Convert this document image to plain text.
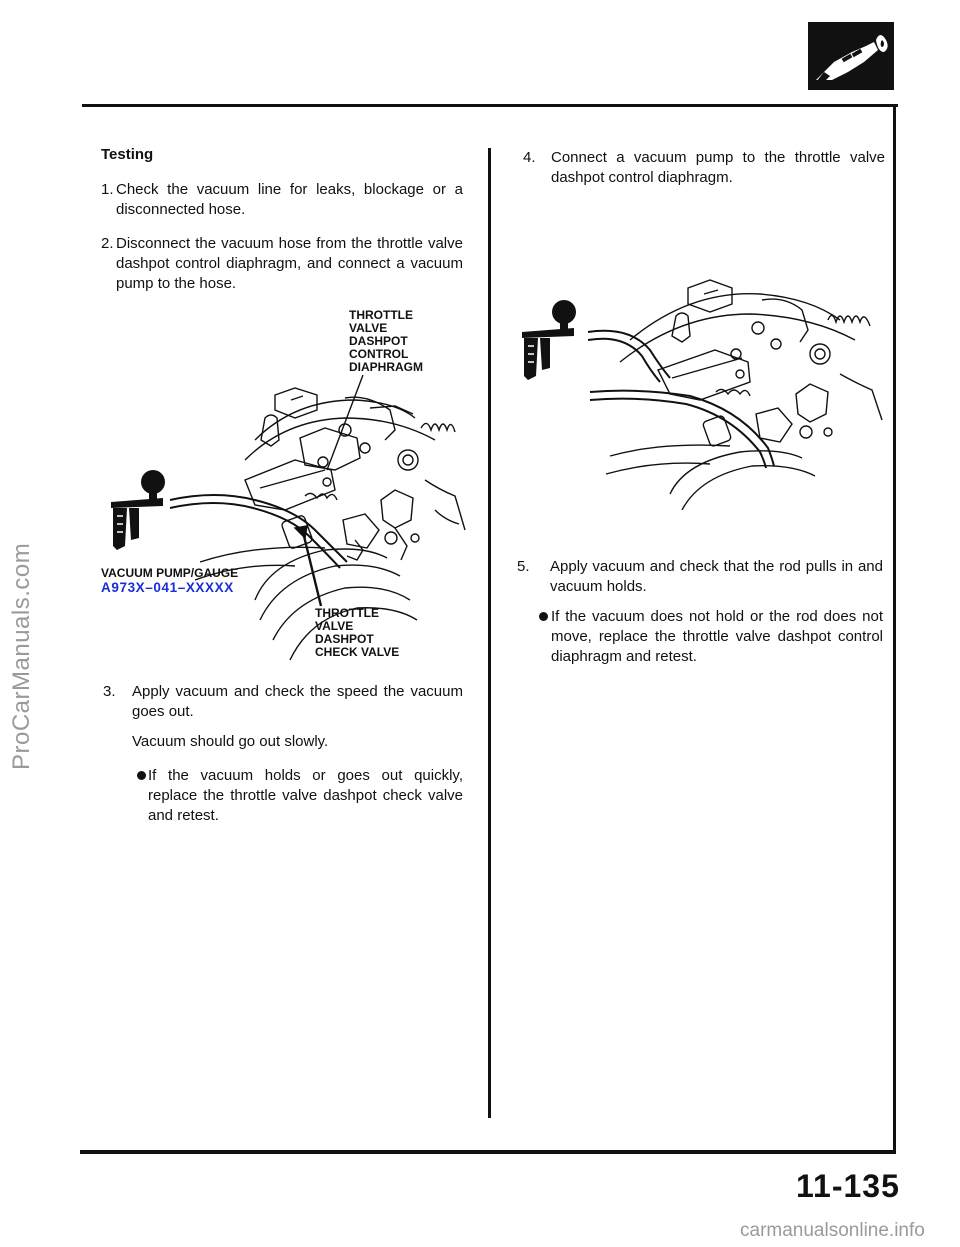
ProCarManuals.com
Testing
1. Check the vacuum line for leaks, blockage or a disconnected hose.
2. Disconnect the vacuum hose from the throttle valve dashpot control diaphragm, and connect a vacuum pump to the hose.
THROTTLE
VALVE
DASHPOT
CONTROL
DIAPHRAGM
VACUUM PUMP/GAUGE
A973X–041–XXXXX
THROTTLE
VALVE
DASHPOT
CHECK VALVE
3. Apply vacuum and check the speed the vacuum goes out.
Vacuum should go out slowly.
If the vacuum holds or goes out quickly, replace the throttle valve dashpot check valve and retest.
4. Connect a vacuum pump to the throttle valve dashpot control diaphragm.
5. Apply vacuum and check that the rod pulls in and vacuum holds.
If the vacuum does not hold or the rod does not move, replace the throttle valve dashpot control diaphragm and retest.
11-135
carmanualsonline.info
